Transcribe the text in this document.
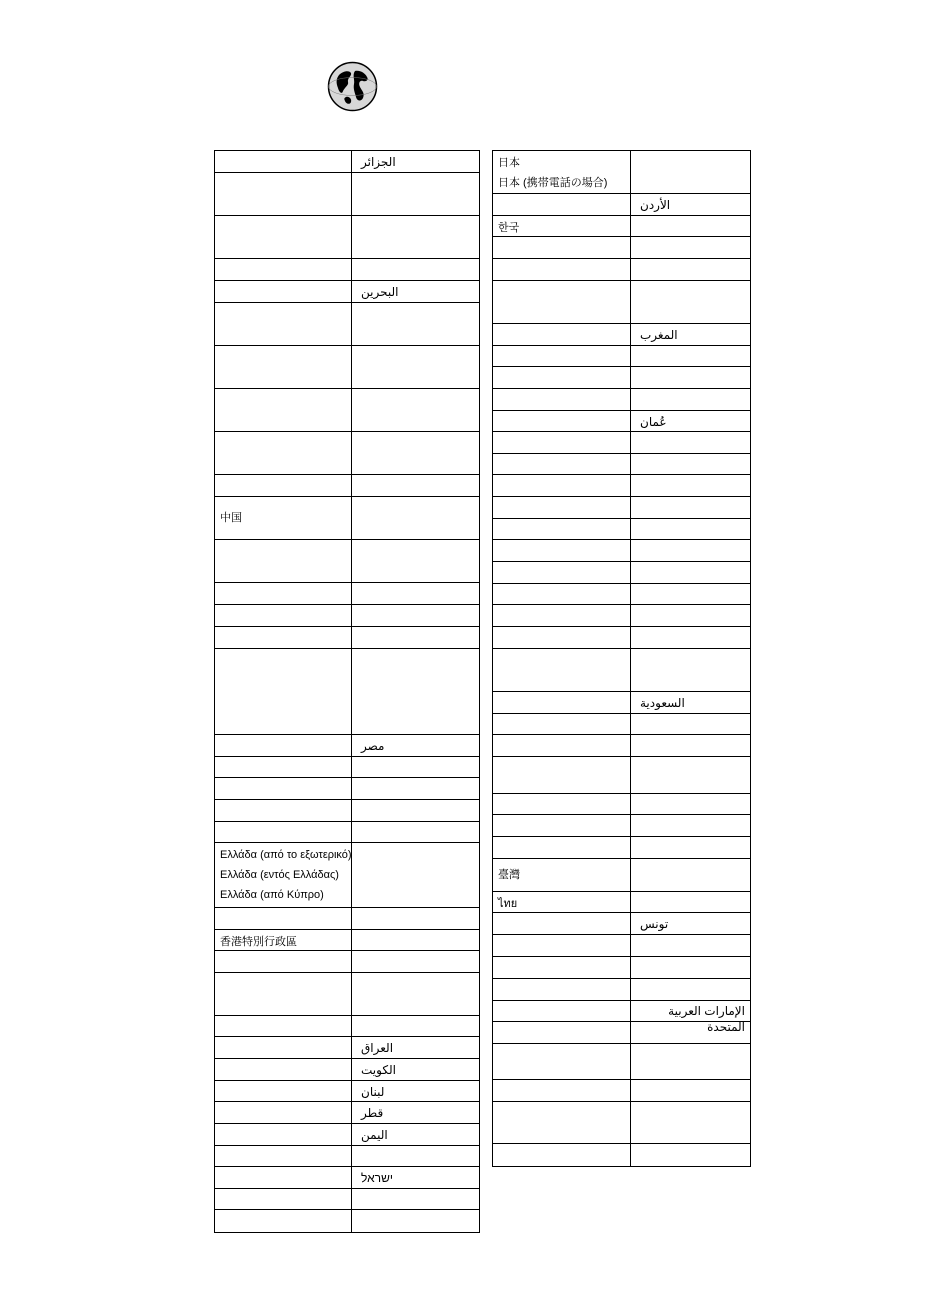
الجزائر
البحرين
中国
مصر
Ελλάδα (από το εξωτερικό)
Ελλάδα (εντός Ελλάδας)
Ελλάδα (από Κύπρο)
香港特別行政區
العراق
الكويت
لبنان
قطر
اليمن
ישראל
日本
日本 (携帯電話の場合)
الأردن
한국
المغرب
عُمان
السعودية
臺灣
ไทย
تونس
الإمارات العربية المتحدة
